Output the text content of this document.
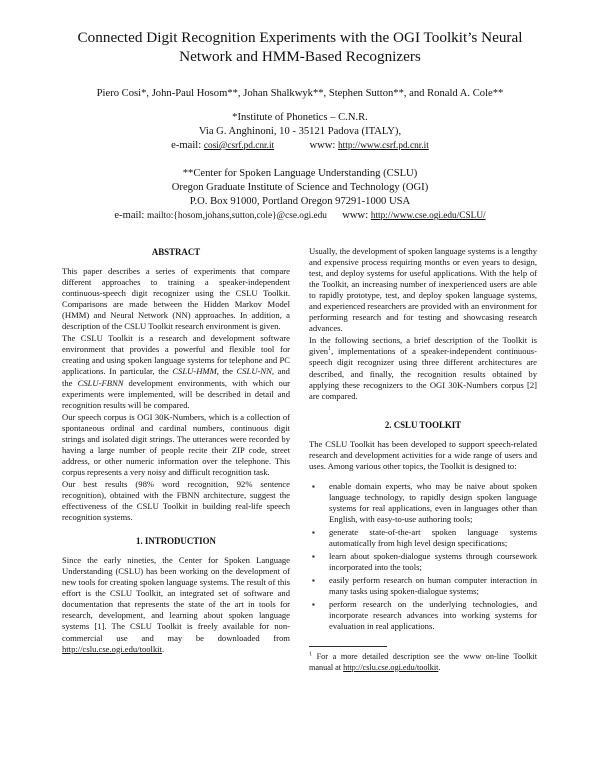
Connected Digit Recognition Experiments with the OGI Toolkit’s Neural
Network and HMM-Based Recognizers
Piero Cosi*, John-Paul Hosom**, Johan Shalkwyk**, Stephen Sutton**, and Ronald A. Cole**
*Institute of Phonetics – C.N.R.
Via G. Anghinoni, 10 - 35121 Padova (ITALY),
e-mail: cosi@csrf.pd.cnr.it	www: http://www.csrf.pd.cnr.it
**Center for Spoken Language Understanding (CSLU)
Oregon Graduate Institute of Science and Technology (OGI)
P.O. Box 91000, Portland Oregon 97291-1000 USA
e-mail: mailto:{hosom,johans,sutton,cole}@cse.ogi.edu www: http://www.cse.ogi.edu/CSLU/
ABSTRACT

This paper describes a series of experiments that compare different approaches to training a speaker-independent continuous-speech digit recognizer using the CSLU Toolkit. Comparisons are made between the Hidden Markov Model (HMM) and Neural Network (NN) approaches. In addition, a description of the CSLU Toolkit research environment is given.

The CSLU Toolkit is a research and development software environment that provides a powerful and flexible tool for creating and using spoken language systems for telephone and PC applications. In particular, the CSLU-HMM, the CSLU-NN, and the CSLU-FBNN development environments, with which our experiments were implemented, will be described in detail and recognition results will be compared.

Our speech corpus is OGI 30K-Numbers, which is a collection of spontaneous ordinal and cardinal numbers, continuous digit strings and isolated digit strings. The utterances were recorded by having a large number of people recite their ZIP code, street address, or other numeric information over the telephone. This corpus represents a very noisy and difficult recognition task.

Our best results (98% word recognition, 92% sentence recognition), obtained with the FBNN architecture, suggest the effectiveness of the CSLU Toolkit in building real-life speech recognition systems.

1. INTRODUCTION

Since the early nineties, the Center for Spoken Language Understanding (CSLU) has been working on the development of new tools for creating spoken language systems. The result of this effort is the CSLU Toolkit, an integrated set of software and documentation that represents the state of the art in tools for research, development, and learning about spoken language systems [1]. The CSLU Toolkit is freely available for non-commercial use and may be downloaded from http://cslu.cse.ogi.edu/toolkit.

Usually, the development of spoken language systems is a lengthy and expensive process requiring months or even years to design, test, and deploy systems for useful applications. With the help of the Toolkit, an increasing number of inexperienced users are able to rapidly prototype, test, and deploy spoken language systems, and experienced researchers are provided with an environment for performing research and for testing and showcasing research advances.

In the following sections, a brief description of the Toolkit is given$^1$, implementations of a speaker-independent continuous-speech digit recognizer using three different architectures are described, and finally, the recognition results obtained by applying these recognizers to the OGI 30K-Numbers corpus [2] are compared.

2. CSLU TOOLKIT

The CSLU Toolkit has been developed to support speech-related research and development activities for a wide range of users and uses. Among various other topics, the Toolkit is designed to:

▪ enable domain experts, who may be naive about spoken language technology, to rapidly design spoken language systems for real applications, even in languages other than English, with easy-to-use authoring tools;
▪ generate state-of-the-art spoken language systems automatically from high level design specifications;
▪ learn about spoken-dialogue systems through coursework incorporated into the tools;
▪ easily perform research on human computer interaction in many tasks using spoken-dialogue systems;
▪ perform research on the underlying technologies, and incorporate research advances into working systems for evaluation in real applications.
$^1$ For a more detailed description see the www on-line Toolkit manual at http://cslu.cse.ogi.edu/toolkit.
